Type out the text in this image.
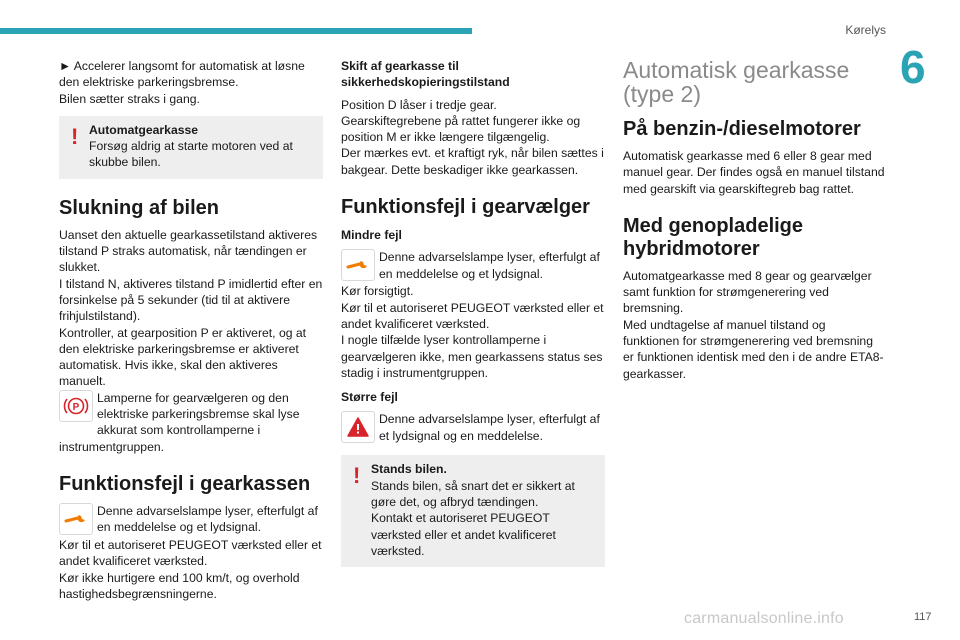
Kørelys
6

► Accelerer langsomt for automatisk at løsne den elektriske parkeringsbremse.

Bilen sætter straks i gang.

! Automatgearkasse
Forsøg aldrig at starte motoren ved at skubbe bilen.
Slukning af bilen

Uanset den aktuelle gearkassetilstand aktiveres tilstand P straks automatisk, når tændingen er slukket.

I tilstand N, aktiveres tilstand P imidlertid efter en forsinkelse på 5 sekunder (tid til at aktivere frihjulstilstand).

Kontroller, at gearposition P er aktiveret, og at den elektriske parkeringsbremse er aktiveret automatisk. Hvis ikke, skal den aktiveres manuelt.

P
Lamperne for gearvælgeren og den elektriske parkeringsbremse skal lyse akkurat som kontrollamperne i instrumentgruppen.
Funktionsfejl i gearkassen
Denne advarselslampe lyser, efterfulgt af en meddelelse og et lydsignal.

Kør til et autoriseret PEUGEOT værksted eller et andet kvalificeret værksted.

Kør ikke hurtigere end 100 km/t, og overhold hastighedsbegrænsningerne.

Skift af gearkasse til sikkerhedskopieringstilstand

Position D låser i tredje gear.

Gearskiftegrebene på rattet fungerer ikke og position M er ikke længere tilgængelig.

Der mærkes evt. et kraftigt ryk, når bilen sættes i bakgear. Dette beskadiger ikke gearkassen.

Funktionsfejl i gearvælger
Mindre fejl
Denne advarselslampe lyser, efterfulgt af en meddelelse og et lydsignal.

Kør forsigtigt.

Kør til et autoriseret PEUGEOT værksted eller et andet kvalificeret værksted.

I nogle tilfælde lyser kontrollamperne i gearvælgeren ikke, men gearkassens status ses stadig i instrumentgruppen.

Større fejl
Denne advarselslampe lyser, efterfulgt af et lydsignal og en meddelelse.
! Stands bilen.
Stands bilen, så snart det er sikkert at gøre det, og afbryd tændingen.
Kontakt et autoriseret PEUGEOT værksted eller et andet kvalificeret værksted.
Automatisk gearkasse (type 2)
På benzin-/dieselmotorer

Automatisk gearkasse med 6 eller 8 gear med manuel gear. Der findes også en manuel tilstand med gearskift via gearskiftegreb bag rattet.

Med genopladelige hybridmotorer

Automatgearkasse med 8 gear og gearvælger samt funktion for strømgenerering ved bremsning.

Med undtagelse af manuel tilstand og funktionen for strømgenerering ved bremsning er funktionen identisk med den i de andre ETA8-gearkasser.

carmanualsonline.info	117
